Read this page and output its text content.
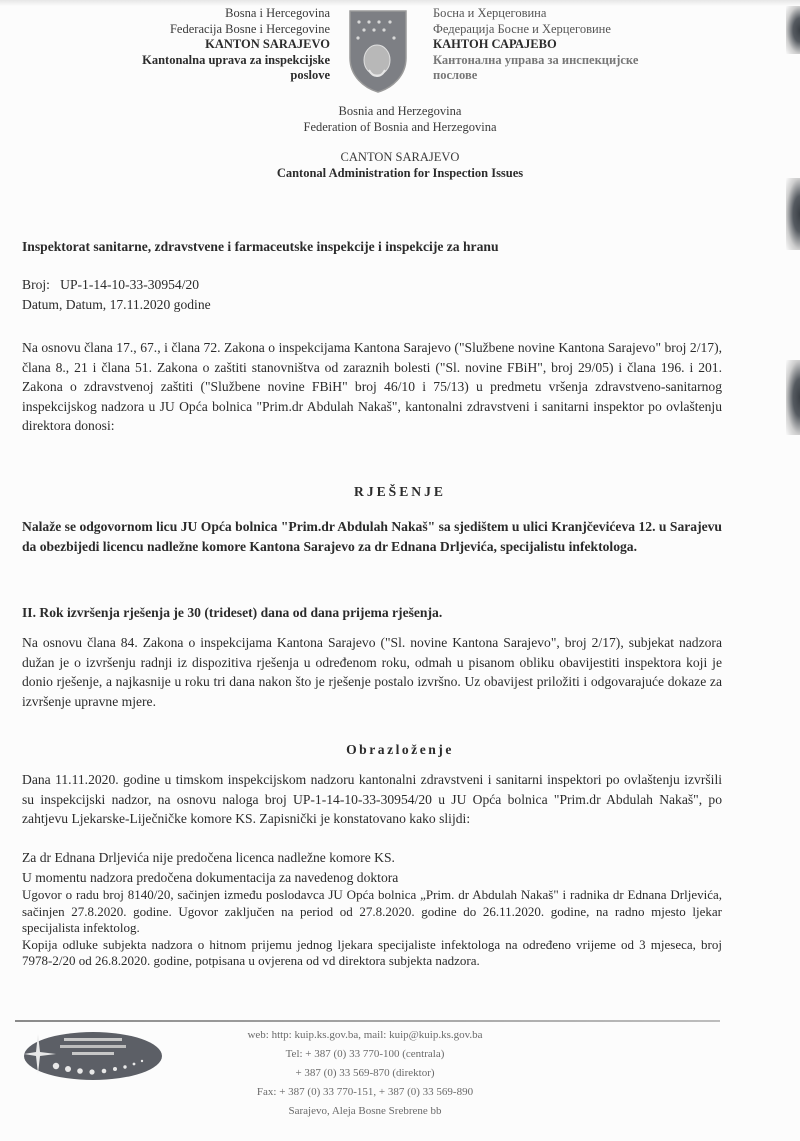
Bosna i Hercegovina
Federacija Bosne i Hercegovine
KANTON SARAJEVO
Kantonalna uprava za inspekcijske
poslove
Босна и Херцеговина
Федерација Босне и Херцеговине
КАНТОН САРАЈЕВО
Кантонална управа за инспекцијске
послове
Bosnia and Herzegovina
Federation of Bosnia and Herzegovina
CANTON SARAJEVO
Cantonal Administration for Inspection Issues
Inspektorat sanitarne, zdravstvene i farmaceutske inspekcije i inspekcije za hranu
Broj: UP-1-14-10-33-30954/20
Datum, Datum, 17.11.2020 godine
Na osnovu člana 17., 67., i člana 72. Zakona o inspekcijama Kantona Sarajevo ("Službene novine Kantona Sarajevo" broj 2/17), člana 8., 21 i člana 51. Zakona o zaštiti stanovništva od zaraznih bolesti ("Sl. novine FBiH", broj 29/05) i člana 196. i 201. Zakona o zdravstvenoj zaštiti ("Službene novine FBiH" broj 46/10 i 75/13) u predmetu vršenja zdravstveno-sanitarnog inspekcijskog nadzora u JU Opća bolnica "Prim.dr Abdulah Nakaš", kantonalni zdravstveni i sanitarni inspektor po ovlaštenju direktora donosi:
RJEŠENJE
Nalaže se odgovornom licu JU Opća bolnica "Prim.dr Abdulah Nakaš" sa sjedištem u ulici Kranjčevićeva 12. u Sarajevu da obezbijedi licencu nadležne komore Kantona Sarajevo za dr Ednana Drljevića, specijalistu infektologa.
II. Rok izvršenja rješenja je 30 (trideset) dana od dana prijema rješenja.
Na osnovu člana 84. Zakona o inspekcijama Kantona Sarajevo ("Sl. novine Kantona Sarajevo", broj 2/17), subjekat nadzora dužan je o izvršenju radnji iz dispozitiva rješenja u određenom roku, odmah u pisanom obliku obavijestiti inspektora koji je donio rješenje, a najkasnije u roku tri dana nakon što je rješenje postalo izvršno. Uz obavijest priložiti i odgovarajuće dokaze za izvršenje upravne mjere.
Obrazloženje
Dana 11.11.2020. godine u timskom inspekcijskom nadzoru kantonalni zdravstveni i sanitarni inspektori po ovlaštenju izvršili su inspekcijski nadzor, na osnovu naloga broj UP-1-14-10-33-30954/20 u JU Opća bolnica "Prim.dr Abdulah Nakaš", po zahtjevu Ljekarske-Liječničke komore KS. Zapisnički je konstatovano kako slijdi:

Za dr Ednana Drljevića nije predočena licenca nadležne komore KS.

U momentu nadzora predočena dokumentacija za navedenog doktora

Ugovor o radu broj 8140/20, sačinjen između poslodavca JU Opća bolnica „Prim. dr Abdulah Nakaš" i radnika dr Ednana Drljevića, sačinjen 27.8.2020. godine. Ugovor zaključen na period od 27.8.2020. godine do 26.11.2020. godine, na radno mjesto ljekar specijalista infektolog.

Kopija odluke subjekta nadzora o hitnom prijemu jednog ljekara specijaliste infektologa na određeno vrijeme od 3 mjeseca, broj 7978-2/20 od 26.8.2020. godine, potpisana u ovjerena od vd direktora subjekta nadzora.

web: http: kuip.ks.gov.ba, mail: kuip@kuip.ks.gov.ba
Tel: + 387 (0) 33 770-100 (centrala)
+ 387 (0) 33 569-870 (direktor)
Fax: + 387 (0) 33 770-151, + 387 (0) 33 569-890
Sarajevo, Aleja Bosne Srebrene bb
